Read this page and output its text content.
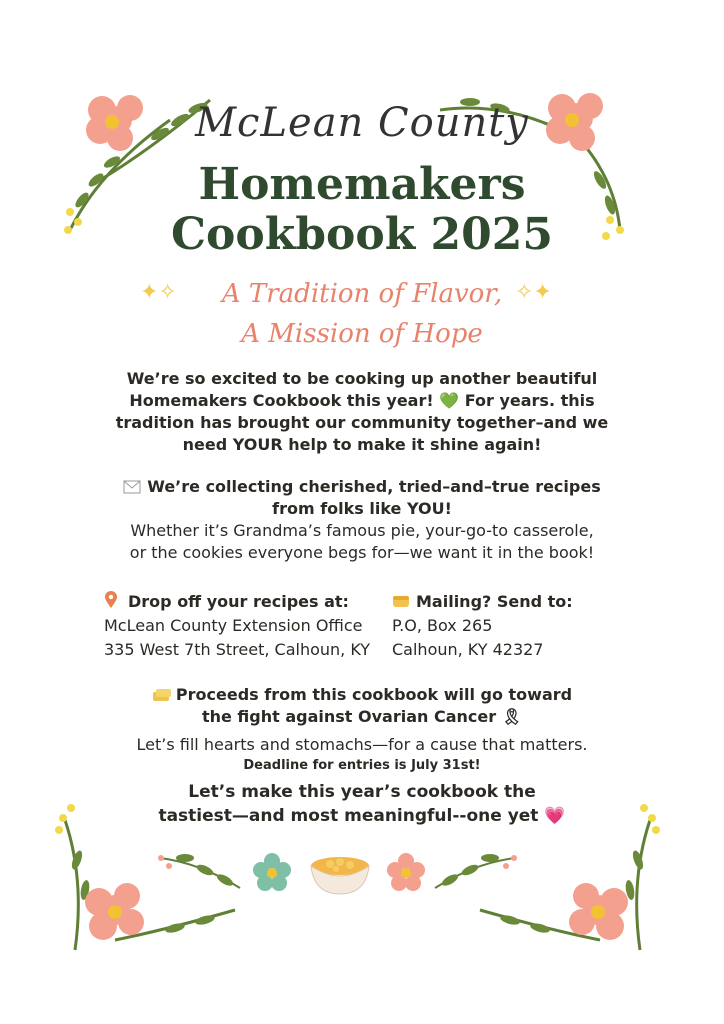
McLean County
Homemakers
Cookbook 2025
✦✧	✧✦
A Tradition of Flavor,
A Mission of Hope
We’re so excited to be cooking up another beautiful
Homemakers Cookbook this year! 💚 For years. this
tradition has brought our community together–and we
need YOUR help to make it shine again!
We’re collecting cherished, tried–and–true recipes
from folks like YOU!
Whether it’s Grandma’s famous pie, your-go-to casserole,
or the cookies everyone begs for—we want it in the book!
Drop off your recipes at:
McLean County Extension Office
335 West 7th Street, Calhoun, KY
Mailing? Send to:
P.O, Box 265
Calhoun, KY 42327
Proceeds from this cookbook will go toward
the fight against Ovarian Cancer 🎗
Let’s fill hearts and stomachs—for a cause that matters.
Deadline for entries is July 31st!
Let’s make this year’s cookbook the
tastiest—and most meaningful--one yet 💗
